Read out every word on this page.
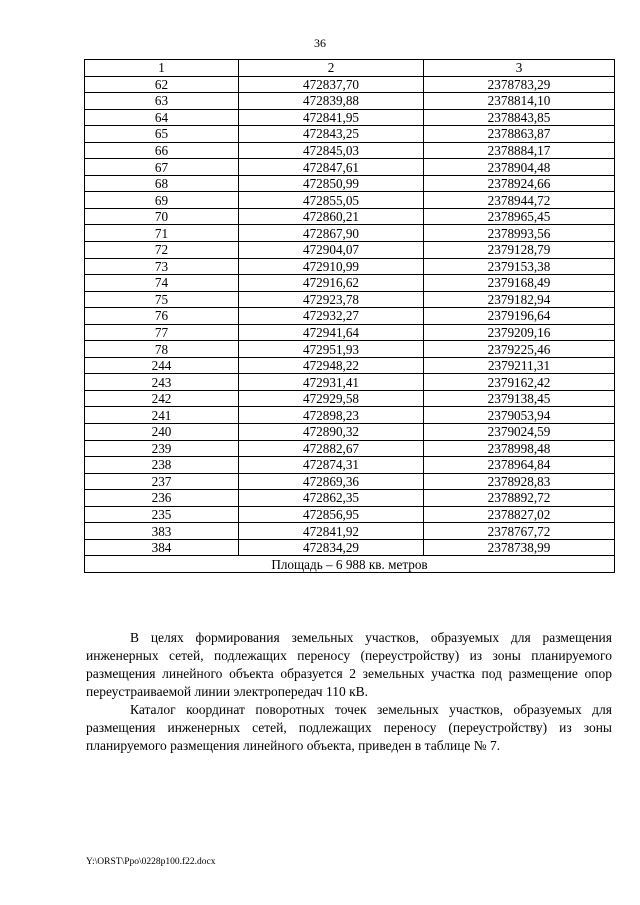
36
1	2	3
62	472837,70	2378783,29
63	472839,88	2378814,10
64	472841,95	2378843,85
65	472843,25	2378863,87
66	472845,03	2378884,17
67	472847,61	2378904,48
68	472850,99	2378924,66
69	472855,05	2378944,72
70	472860,21	2378965,45
71	472867,90	2378993,56
72	472904,07	2379128,79
73	472910,99	2379153,38
74	472916,62	2379168,49
75	472923,78	2379182,94
76	472932,27	2379196,64
77	472941,64	2379209,16
78	472951,93	2379225,46
244	472948,22	2379211,31
243	472931,41	2379162,42
242	472929,58	2379138,45
241	472898,23	2379053,94
240	472890,32	2379024,59
239	472882,67	2378998,48
238	472874,31	2378964,84
237	472869,36	2378928,83
236	472862,35	2378892,72
235	472856,95	2378827,02
383	472841,92	2378767,72
384	472834,29	2378738,99
Площадь – 6 988 кв. метров		

В целях формирования земельных участков, образуемых для размещения инженерных сетей, подлежащих переносу (переустройству) из зоны планируемого размещения линейного объекта образуется 2 земельных участка под размещение опор переустраиваемой линии электропередач 110 кВ.

Каталог координат поворотных точек земельных участков, образуемых для размещения инженерных сетей, подлежащих переносу (переустройству) из зоны планируемого размещения линейного объекта, приведен в таблице № 7.

Y:\ORST\Ppo\0228p100.f22.docx
